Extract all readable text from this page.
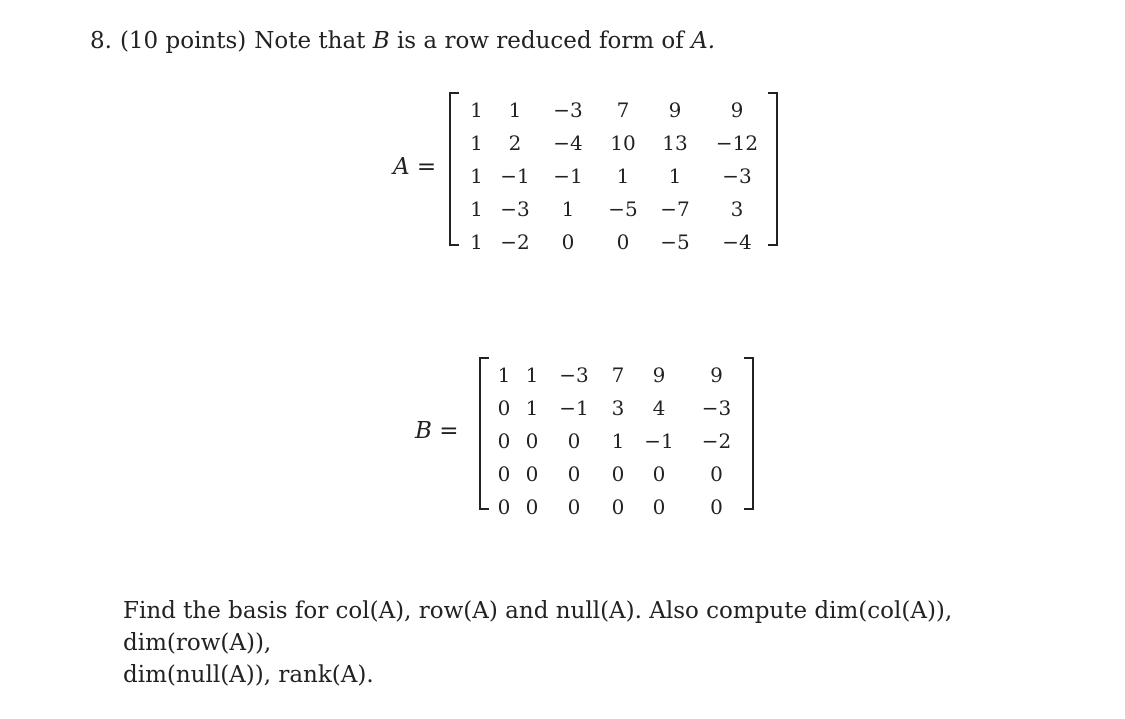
8. (10 points) Note that B is a row reduced form of A.
A =
1	1	−3	7	9	9
1	2	−4	10	13	−12
1 −1	−1	1	1	−3
1 −3	1	−5	−7	3
1 −2	0	0	−5	−4
B =
1 1	−3	7	9	9
0 1	−1	3	4	−3
0 0	0	1 −1	−2
0 0	0	0	0	0
0 0	0	0	0	0
Find the basis for col(A), row(A) and null(A). Also compute dim(col(A)), dim(row(A)),
dim(null(A)), rank(A).
